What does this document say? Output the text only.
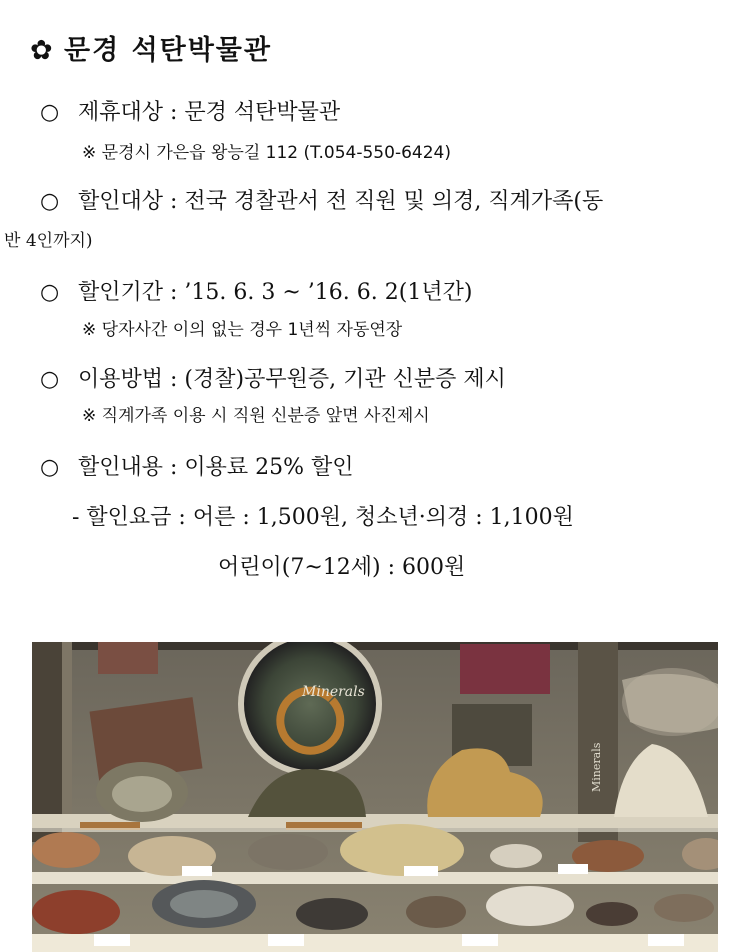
✿ 문경 석탄박물관
○ 제휴대상 : 문경 석탄박물관
※ 문경시 가은읍 왕능길 112 (T.054-550-6424)
○ 할인대상 : 전국 경찰관서 전 직원 및 의경, 직계가족(동
반 4인까지)
○ 할인기간 : ’15. 6. 3 ~ ’16. 6. 2(1년간)
※ 당자사간 이의 없는 경우 1년씩 자동연장
○ 이용방법 : (경찰)공무원증, 기관 신분증 제시
※ 직계가족 이용 시 직원 신분증 앞면 사진제시
○ 할인내용 : 이용료 25% 할인
- 할인요금 : 어른 : 1,500원, 청소년·의경 : 1,100원
어린이(7~12세) : 600원
Minerals
Minerals
